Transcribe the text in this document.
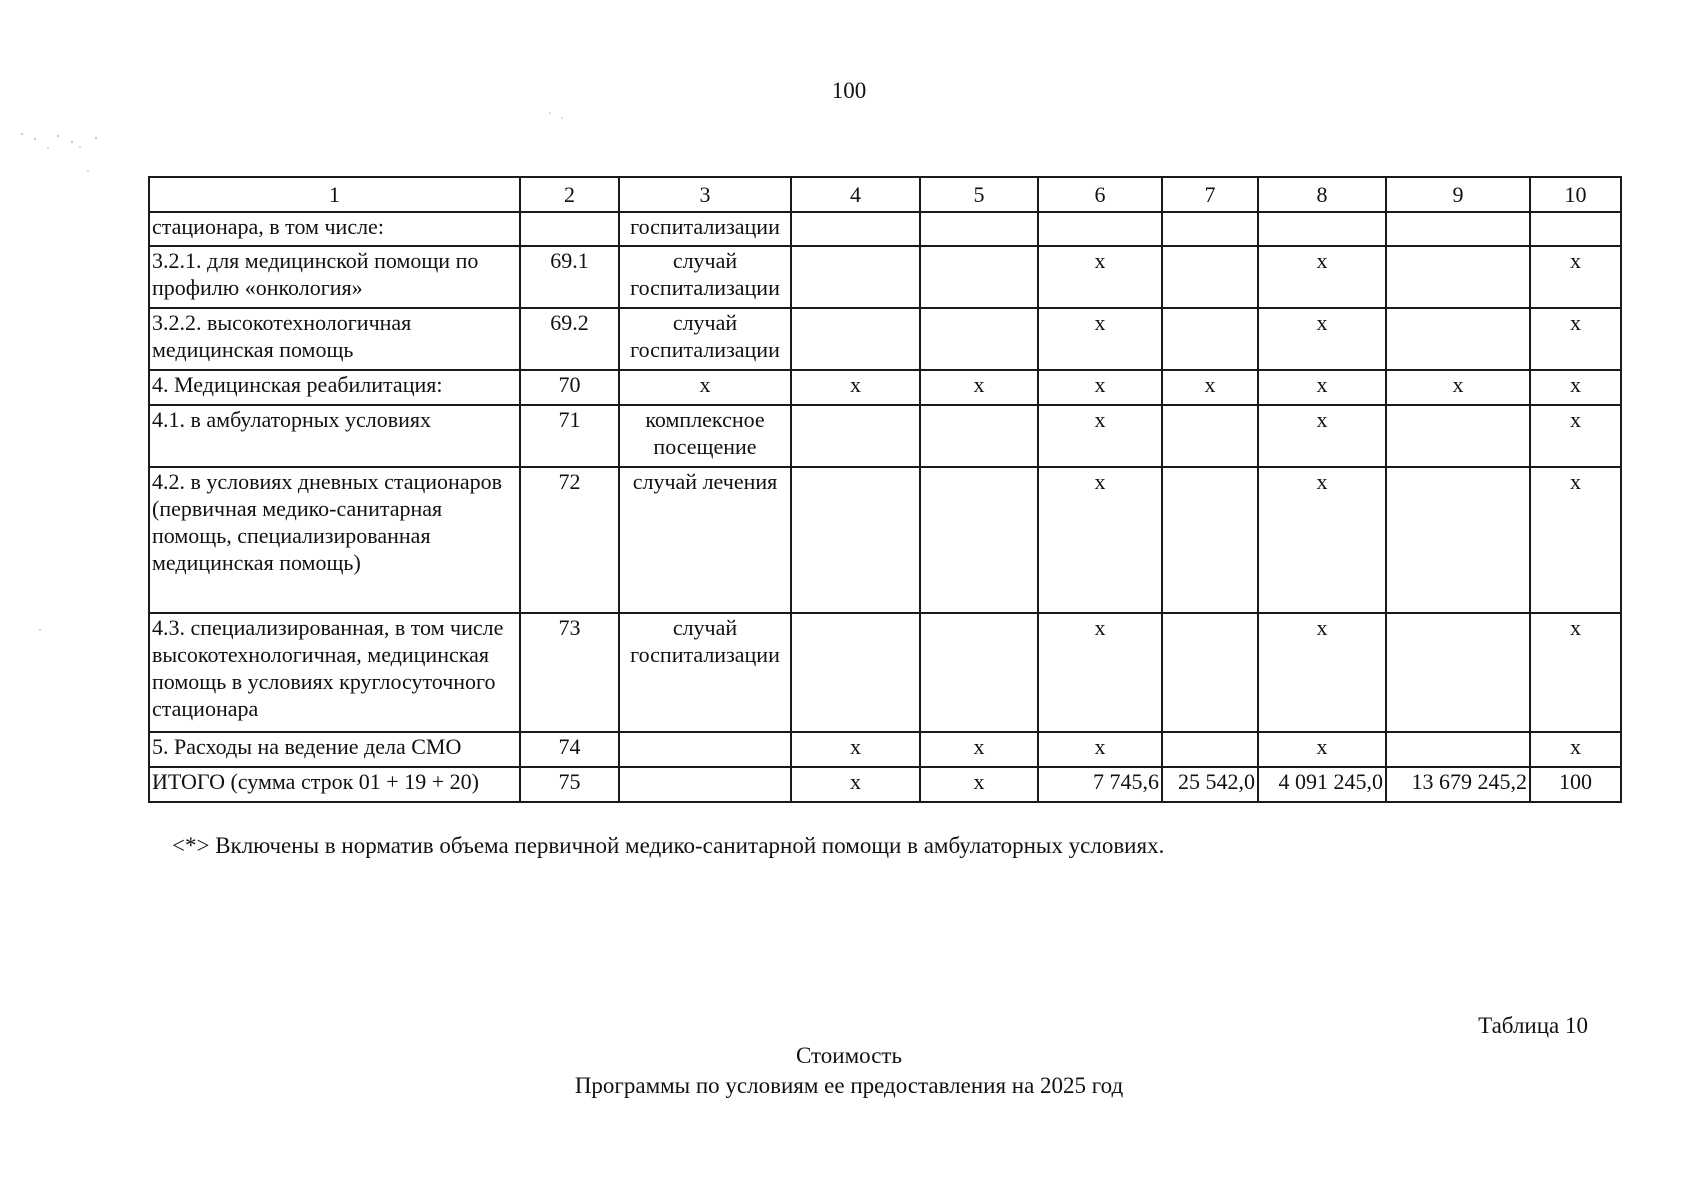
100
1	2	3	4	5	6	7	8	9	10
стационара, в том числе:		госпитализации							
3.2.1. для медицинской помощи по профилю «онкология»	69.1	случай госпитализации			x		x		x
3.2.2. высокотехнологичная медицинская помощь	69.2	случай госпитализации			x		x		x
4. Медицинская реабилитация:	70	x	x	x	x	x	x	x	x
4.1. в амбулаторных условиях	71	комплексное посещение			x		x		x
4.2. в условиях дневных стационаров (первичная медико-санитарная помощь, специализированная медицинская помощь)	72	случай лечения			x		x		x
4.3. специализированная, в том числе высокотехнологичная, медицинская помощь в условиях круглосуточного стационара	73	случай госпитализации			x		x		x
5. Расходы на ведение дела СМО	74		x	x	x		x		x
ИТОГО (сумма строк 01 + 19 + 20)	75		x	x	7 745,6	25 542,0	4 091 245,0	13 679 245,2	100
<*> Включены в норматив объема первичной медико-санитарной помощи в амбулаторных условиях.
Таблица 10
Стоимость
Программы по условиям ее предоставления на 2025 год
